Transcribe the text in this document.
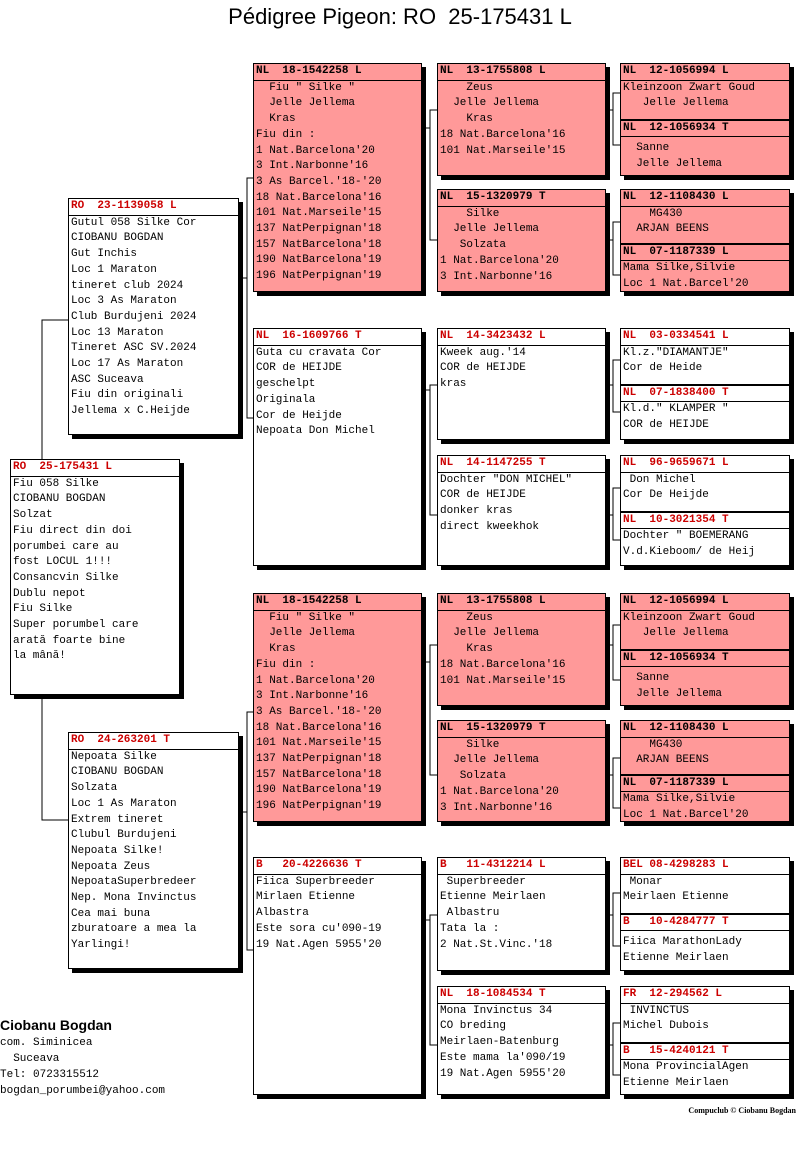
Pédigree Pigeon: RO  25-175431 L
RO  25-175431 L
Fiu 058 Silke
CIOBANU BOGDAN
Solzat
Fiu direct din doi
porumbei care au
fost LOCUL 1!!!
Consancvin Silke
Dublu nepot
Fiu Silke
Super porumbel care
arată foarte bine
la mână!
RO  23-1139058 L
Gutul 058 Silke Cor
CIOBANU BOGDAN
Gut Inchis
Loc 1 Maraton
tineret club 2024
Loc 3 As Maraton
Club Burdujeni 2024
Loc 13 Maraton
Tineret ASC SV.2024
Loc 17 As Maraton
ASC Suceava
Fiu din originali
Jellema x C.Heijde
RO  24-263201 T
Nepoata Silke
CIOBANU BOGDAN
Solzata
Loc 1 As Maraton
Extrem tineret
Clubul Burdujeni
Nepoata Silke!
Nepoata Zeus
NepoataSuperbredeer
Nep. Mona Invinctus
Cea mai buna
zburatoare a mea la
Yarlingi!
NL  18-1542258 L
Fiu " Silke "
Jelle Jellema
Kras
Fiu din :
1 Nat.Barcelona'20
3 Int.Narbonne'16
3 As Barcel.'18-'20
18 Nat.Barcelona'16
101 Nat.Marseile'15
137 NatPerpignan'18
157 NatBarcelona'18
190 NatBarcelona'19
196 NatPerpignan'19
NL  16-1609766 T
Guta cu cravata Cor
COR de HEIJDE
geschelpt
Originala
Cor de Heijde
Nepoata Don Michel
NL  18-1542258 L
Fiu " Silke "
Jelle Jellema
Kras
Fiu din :
1 Nat.Barcelona'20
3 Int.Narbonne'16
3 As Barcel.'18-'20
18 Nat.Barcelona'16
101 Nat.Marseile'15
137 NatPerpignan'18
157 NatBarcelona'18
190 NatBarcelona'19
196 NatPerpignan'19
B   20-4226636 T
Fiica Superbreeder
Mirlaen Etienne
Albastra
Este sora cu'090-19
19 Nat.Agen 5955'20
NL  13-1755808 L
Zeus
Jelle Jellema
Kras
18 Nat.Barcelona'16
101 Nat.Marseile'15
NL  15-1320979 T
Silke
Jelle Jellema
Solzata
1 Nat.Barcelona'20
3 Int.Narbonne'16
NL  14-3423432 L
Kweek aug.'14
COR de HEIJDE
kras
NL  14-1147255 T
Dochter "DON MICHEL"
COR de HEIJDE
donker kras
direct kweekhok
NL  13-1755808 L
Zeus
Jelle Jellema
Kras
18 Nat.Barcelona'16
101 Nat.Marseile'15
NL  15-1320979 T
Silke
Jelle Jellema
Solzata
1 Nat.Barcelona'20
3 Int.Narbonne'16
B   11-4312214 L
Superbreeder
Etienne Meirlaen
Albastru
Tata la :
2 Nat.St.Vinc.'18
NL  18-1084534 T
Mona Invinctus 34
CO breding
Meirlaen-Batenburg
Este mama la'090/19
19 Nat.Agen 5955'20
NL  12-1056994 L
Kleinzoon Zwart Goud
Jelle Jellema
NL  12-1056934 T
Sanne
Jelle Jellema
NL  12-1108430 L
MG430
ARJAN BEENS
NL  07-1187339 L
Mama Silke,Silvie
Loc 1 Nat.Barcel'20
NL  03-0334541 L
Kl.z."DIAMANTJE"
Cor de Heide
NL  07-1838400 T
Kl.d." KLAMPER "
COR de HEIJDE
NL  96-9659671 L
Don Michel
Cor De Heijde
NL  10-3021354 T
Dochter " BOEMERANG
V.d.Kieboom/ de Heij
NL  12-1056994 L
Kleinzoon Zwart Goud
Jelle Jellema
NL  12-1056934 T
Sanne
Jelle Jellema
NL  12-1108430 L
MG430
ARJAN BEENS
NL  07-1187339 L
Mama Silke,Silvie
Loc 1 Nat.Barcel'20
BEL 08-4298283 L
Monar
Meirlaen Etienne
B   10-4284777 T
Fiica MarathonLady
Etienne Meirlaen
FR  12-294562 L
INVINCTUS
Michel Dubois
B   15-4240121 T
Mona ProvincialAgen
Etienne Meirlaen
Ciobanu Bogdan
com. Siminicea
Suceava
Tel: 0723315512
bogdan_porumbei@yahoo.com
Compuclub © Ciobanu Bogdan
